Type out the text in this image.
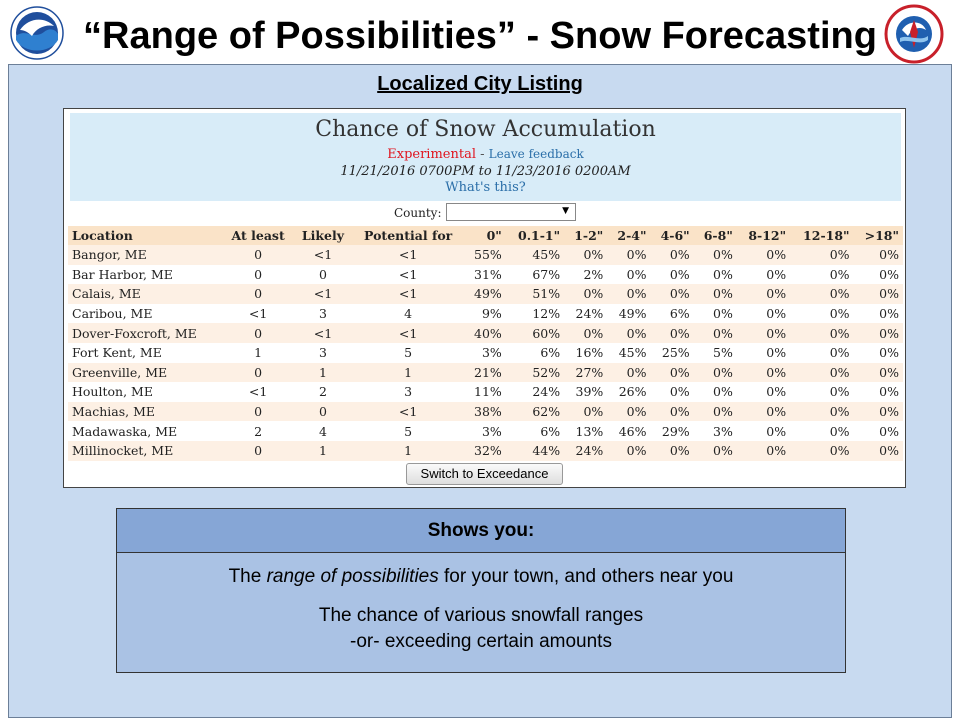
“Range of Possibilities” - Snow Forecasting
Localized City Listing
Chance of Snow Accumulation
Experimental - Leave feedback
11/21/2016 0700PM to 11/23/2016 0200AM
What's this?
County:	▼
Location	At least	Likely	Potential for	0"	0.1-1"	1-2"	2-4"	4-6"	6-8"	8-12"	12-18"	>18"
Bangor, ME	0	<1	<1	55%	45%	0%	0%	0%	0%	0%	0%	0%
Bar Harbor, ME	0	0	<1	31%	67%	2%	0%	0%	0%	0%	0%	0%
Calais, ME	0	<1	<1	49%	51%	0%	0%	0%	0%	0%	0%	0%
Caribou, ME	<1	3	4	9%	12%	24%	49%	6%	0%	0%	0%	0%
Dover-Foxcroft, ME	0	<1	<1	40%	60%	0%	0%	0%	0%	0%	0%	0%
Fort Kent, ME	1	3	5	3%	6%	16%	45%	25%	5%	0%	0%	0%
Greenville, ME	0	1	1	21%	52%	27%	0%	0%	0%	0%	0%	0%
Houlton, ME	<1	2	3	11%	24%	39%	26%	0%	0%	0%	0%	0%
Machias, ME	0	0	<1	38%	62%	0%	0%	0%	0%	0%	0%	0%
Madawaska, ME	2	4	5	3%	6%	13%	46%	29%	3%	0%	0%	0%
Millinocket, ME	0	1	1	32%	44%	24%	0%	0%	0%	0%	0%	0%
Switch to Exceedance
Shows you:
The range of possibilities for your town, and others near you
The chance of various snowfall ranges
-or- exceeding certain amounts
